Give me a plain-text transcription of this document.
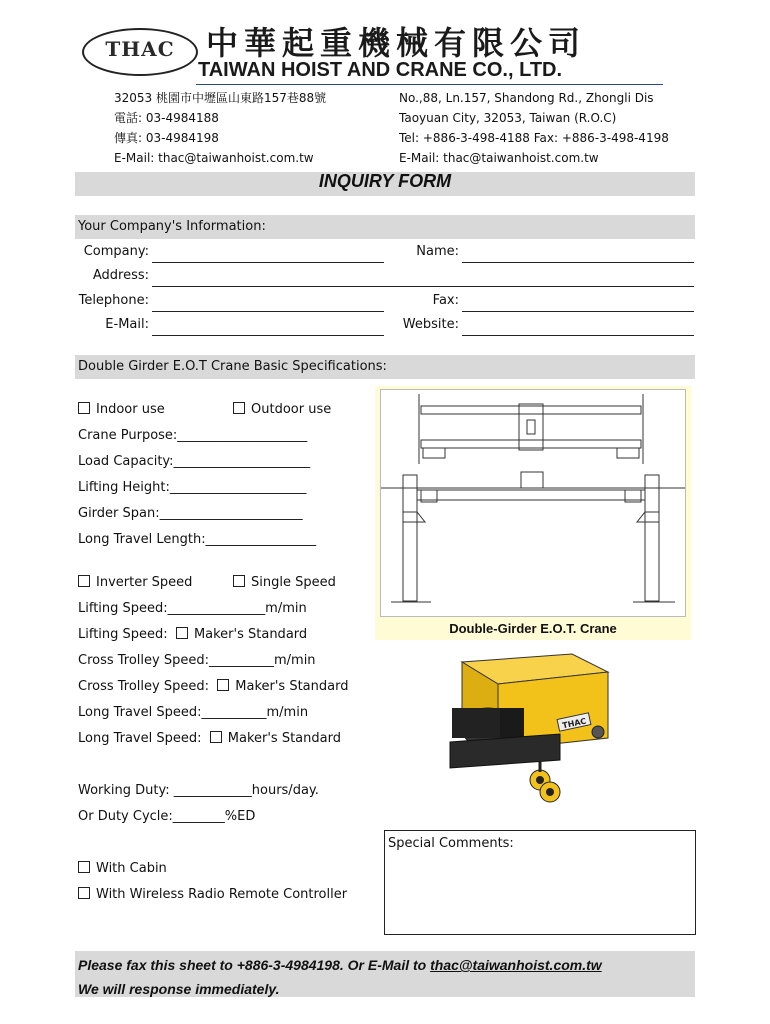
THAC 中華起重機械有限公司
TAIWAN HOIST AND CRANE CO., LTD.
32053 桃園市中壢區山東路157巷88號
電話: 03-4984188
傳真: 03-4984198
E-Mail: thac@taiwanhoist.com.tw
No.,88, Ln.157, Shandong Rd., Zhongli Dis
Taoyuan City, 32053, Taiwan (R.O.C)
Tel: +886-3-498-4188 Fax: +886-3-498-4198
E-Mail: thac@taiwanhoist.com.tw
INQUIRY FORM
Your Company's Information:
Company:	Name:
Address:
Telephone:	Fax:
E-Mail:	Website:
Double Girder E.O.T Crane Basic Specifications:
Indoor use	Outdoor use
Crane Purpose:____________________
Load Capacity:_____________________
Lifting Height:_____________________
Girder Span:______________________
Long Travel Length:_________________
Inverter Speed	Single Speed
Lifting Speed:_______________m/min
Lifting Speed: Maker's Standard
Cross Trolley Speed:__________m/min
Cross Trolley Speed: Maker's Standard
Long Travel Speed:__________m/min
Long Travel Speed: Maker's Standard
Working Duty: ____________hours/day.
Or Duty Cycle:________%ED
With Cabin
With Wireless Radio Remote Controller
Double-Girder E.O.T. Crane
THAC
Special Comments:
Please fax this sheet to +886-3-4984198. Or E-Mail to thac@taiwanhoist.com.tw
We will response immediately.
